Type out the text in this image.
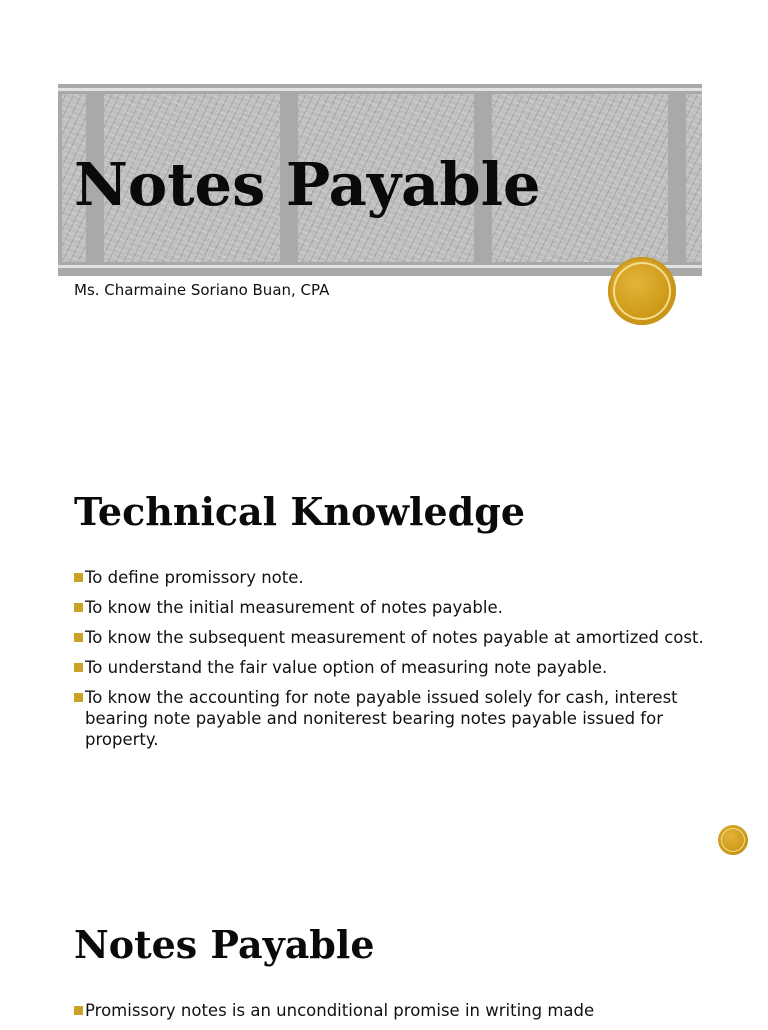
Notes Payable

Ms. Charmaine Soriano Buan, CPA

Technical Knowledge
To define promissory note.
To know the initial measurement of notes payable.
To know the subsequent measurement of notes payable at amortized cost.
To understand the fair value option of measuring note payable.
To know the accounting for note payable issued solely for cash, interest bearing note payable and noniterest bearing notes payable issued for property.
Notes Payable
Promissory notes is an unconditional promise in writing made
